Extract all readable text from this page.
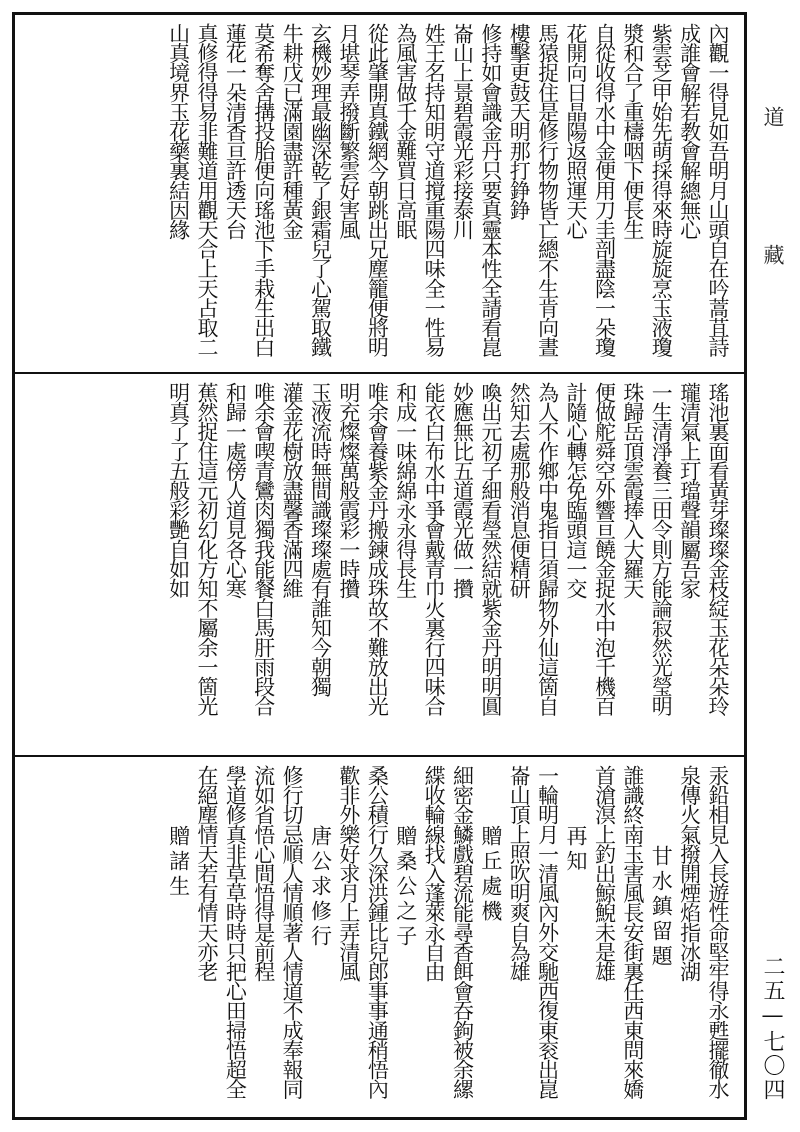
道　藏
二五—七〇四
內觀一得見如吾明月山頭自在吟蒿苴詩
成誰會解若教會解總無心
紫雲芝甲始先萌採得來時旋旋烹玉液瓊
漿和合了重檮咽下便長生
自從收得水中金便用刀圭剖盡陰一朵瓊
花開向日晶陽返照運天心
馬猿捉住是修行物物皆亡總不生肯向晝
樓擊更鼓天明那打錚錚
修持如會識金丹只要真靈本性全請看崑
崙山上景碧霞光彩接泰川
姓王名持知明守道撹重陽四味全一性易
為風害做千金難買日高眠
從此肇開真鐵網今朝跳出兄塵籠便將明
月堪琴弄撥斷繁雲好害風
玄機妙理最幽深乾了銀霜兒了心駕取鐵
牛耕戊已滿園盡許種黃金
莫希奪舍搆投胎便向瑤池下手栽生出白
蓮花一朵清香亘許透天台
真修得得易非難道用觀天合上天占取二
山真境界玉花藥裏結因緣
瑤池裏面看黃芽璨璨金枝綻玉花朵朵玲
瓏清氣上玎璫聲韻屬吾家
一生清淨養三田令則方能論寂然光瑩明
珠歸岳頂雲霞捧入大羅天
便做舵舜空外響亘饒金捉水中泡千機百
計隨心轉怎免臨頭這一交
為人不作鄉中鬼指日須歸物外仙這箇自
然知去處那般消息便精研
喚出元初子細看瑩然結就紫金丹明明圓
妙應無比五道霞光做一攢
能衣白布水中爭會戴青巾火裏行四味合
和成一味綿綿永永得長生
唯余會養紫金丹搬鍊成珠故不難放出光
明充燦燦萬般霞彩一時攢
玉液流時無間識璨璨處有誰知今朝獨
灌金花樹放盡馨香滿四維
唯余會喫青鸞肉獨我能餐白馬肝雨段合
和歸一處傍人道見各心寒
蕉然捉住這元初幻化方知不屬余一箇光
明真了了五般彩艷自如如
汞鉛相見入長遊性命堅牢得永甦擺徹水
泉傳火氣撥開煙焰指冰湖
甘水鎮留題
誰識終南玉害風長安街裏任西東問來嬌
首滄溟上釣出鯨鯢未是雄
再知
一輪明月一清風內外交馳西復東衮出崑
崙山頂上照吹明爽自為雄
贈丘處機
細密金鱗戲碧流能尋香餌會吞鉤被余縲
緤收輪線找入蓬萊永自由
贈桑公之子
桑公積行久深洪鍾比兒郎事事通稍悟內
歡非外樂好求月上弄清風
唐公求修行
修行切忌順人情順著人情道不成奉報同
流如省悟心間悟得是前程
學道修真非草草時時只把心田掃悟超全
在絕塵情天若有情天亦老
贈諸生
